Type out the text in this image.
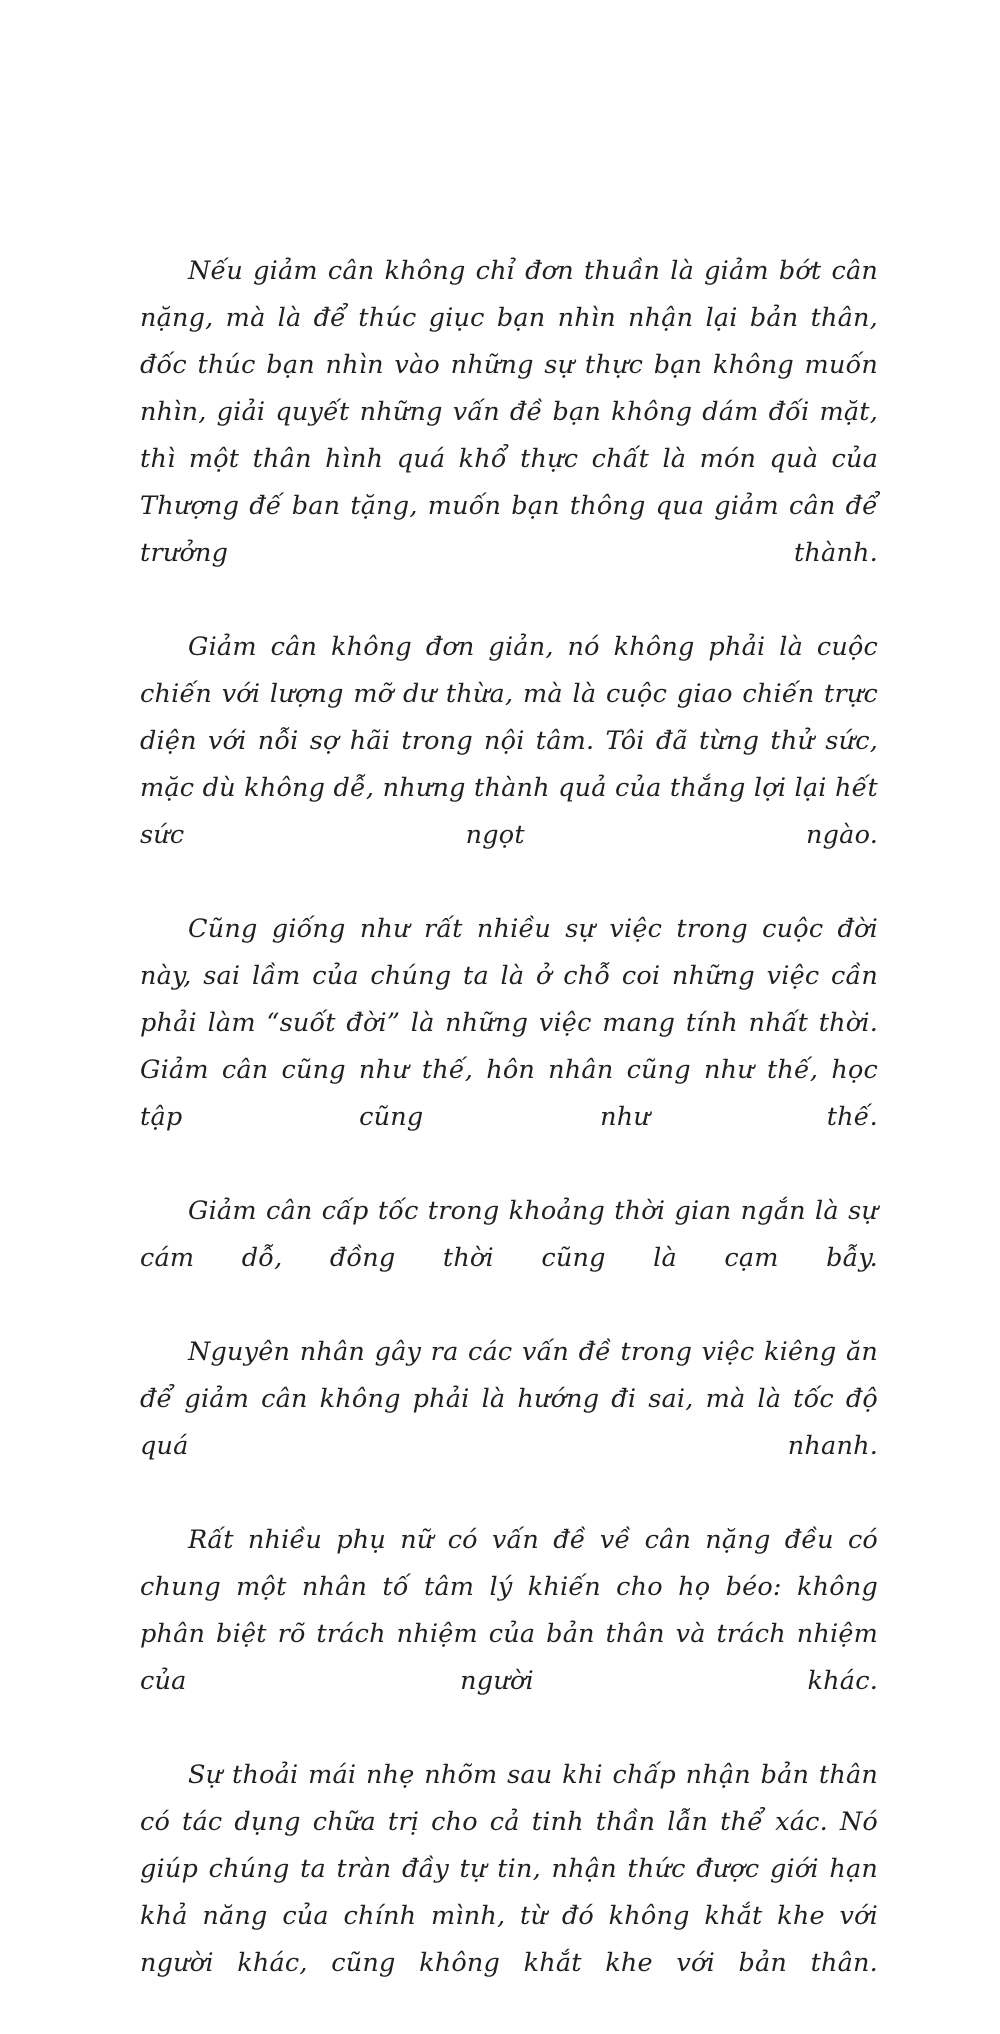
Nếu giảm cân không chỉ đơn thuần là giảm bớt cân nặng, mà là để thúc giục bạn nhìn nhận lại bản thân, đốc thúc bạn nhìn vào những sự thực bạn không muốn nhìn, giải quyết những vấn đề bạn không dám đối mặt, thì một thân hình quá khổ thực chất là món quà của Thượng đế ban tặng, muốn bạn thông qua giảm cân để trưởng thành.

Giảm cân không đơn giản, nó không phải là cuộc chiến với lượng mỡ dư thừa, mà là cuộc giao chiến trực diện với nỗi sợ hãi trong nội tâm. Tôi đã từng thử sức, mặc dù không dễ, nhưng thành quả của thắng lợi lại hết sức ngọt ngào.

Cũng giống như rất nhiều sự việc trong cuộc đời này, sai lầm của chúng ta là ở chỗ coi những việc cần phải làm “suốt đời” là những việc mang tính nhất thời. Giảm cân cũng như thế, hôn nhân cũng như thế, học tập cũng như thế.

Giảm cân cấp tốc trong khoảng thời gian ngắn là sự cám dỗ, đồng thời cũng là cạm bẫy.

Nguyên nhân gây ra các vấn đề trong việc kiêng ăn để giảm cân không phải là hướng đi sai, mà là tốc độ quá nhanh.

Rất nhiều phụ nữ có vấn đề về cân nặng đều có chung một nhân tố tâm lý khiến cho họ béo: không phân biệt rõ trách nhiệm của bản thân và trách nhiệm của người khác.

Sự thoải mái nhẹ nhõm sau khi chấp nhận bản thân có tác dụng chữa trị cho cả tinh thần lẫn thể xác. Nó giúp chúng ta tràn đầy tự tin, nhận thức được giới hạn khả năng của chính mình, từ đó không khắt khe với người khác, cũng không khắt khe với bản thân.
